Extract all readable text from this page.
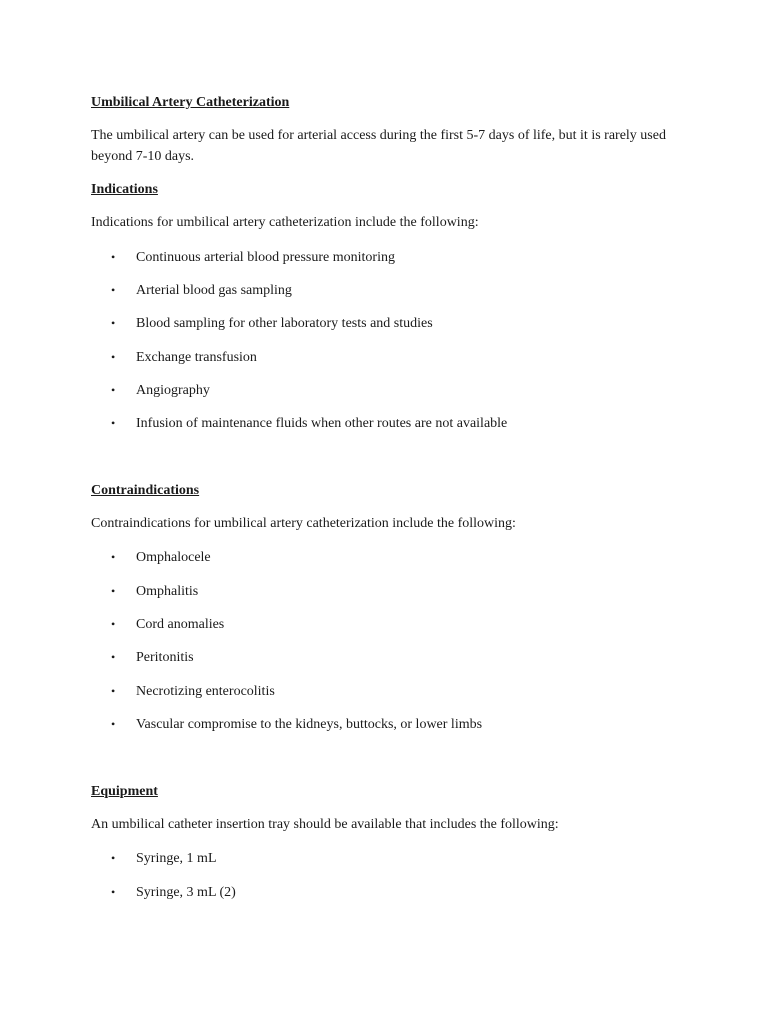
Umbilical Artery Catheterization

The umbilical artery can be used for arterial access during the first 5-7 days of life, but it is rarely used beyond 7-10 days.

Indications

Indications for umbilical artery catheterization include the following:

• Continuous arterial blood pressure monitoring
• Arterial blood gas sampling
• Blood sampling for other laboratory tests and studies
• Exchange transfusion
• Angiography
• Infusion of maintenance fluids when other routes are not available
Contraindications

Contraindications for umbilical artery catheterization include the following:

• Omphalocele
• Omphalitis
• Cord anomalies
• Peritonitis
• Necrotizing enterocolitis
• Vascular compromise to the kidneys, buttocks, or lower limbs
Equipment

An umbilical catheter insertion tray should be available that includes the following:

• Syringe, 1 mL
• Syringe, 3 mL (2)
